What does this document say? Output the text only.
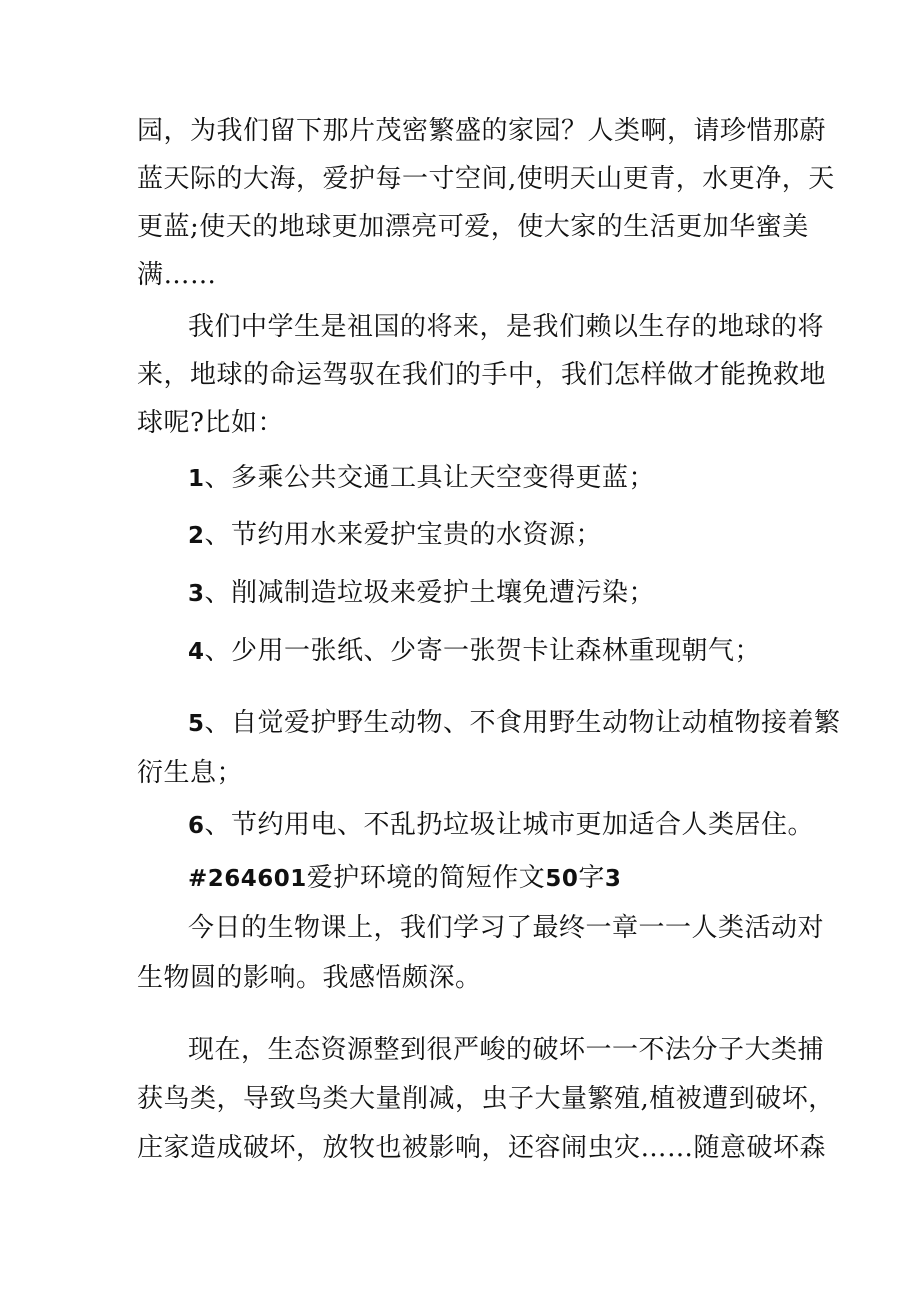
园，为我们留下那片茂密繁盛的家园？人类啊，请珍惜那蔚
蓝天际的大海，爱护每一寸空间,使明天山更青，水更净，天
更蓝;使天的地球更加漂亮可爱，使大家的生活更加华蜜美
满……
我们中学生是祖国的将来，是我们赖以生存的地球的将
来，地球的命运驾驭在我们的手中，我们怎样做才能挽救地
球呢?比如：
1、多乘公共交通工具让天空变得更蓝；
2、节约用水来爱护宝贵的水资源；
3、削减制造垃圾来爱护土壤免遭污染；
4、少用一张纸、少寄一张贺卡让森林重现朝气；
5、自觉爱护野生动物、不食用野生动物让动植物接着繁
衍生息；
6、节约用电、不乱扔垃圾让城市更加适合人类居住。
#264601爱护环境的简短作文50字3
今日的生物课上，我们学习了最终一章一一人类活动对
生物圆的影响。我感悟颇深。
现在，生态资源整到很严峻的破坏一一不法分子大类捕
获鸟类，导致鸟类大量削减，虫子大量繁殖,植被遭到破坏，
庄家造成破坏，放牧也被影响，还容闹虫灾……随意破坏森
